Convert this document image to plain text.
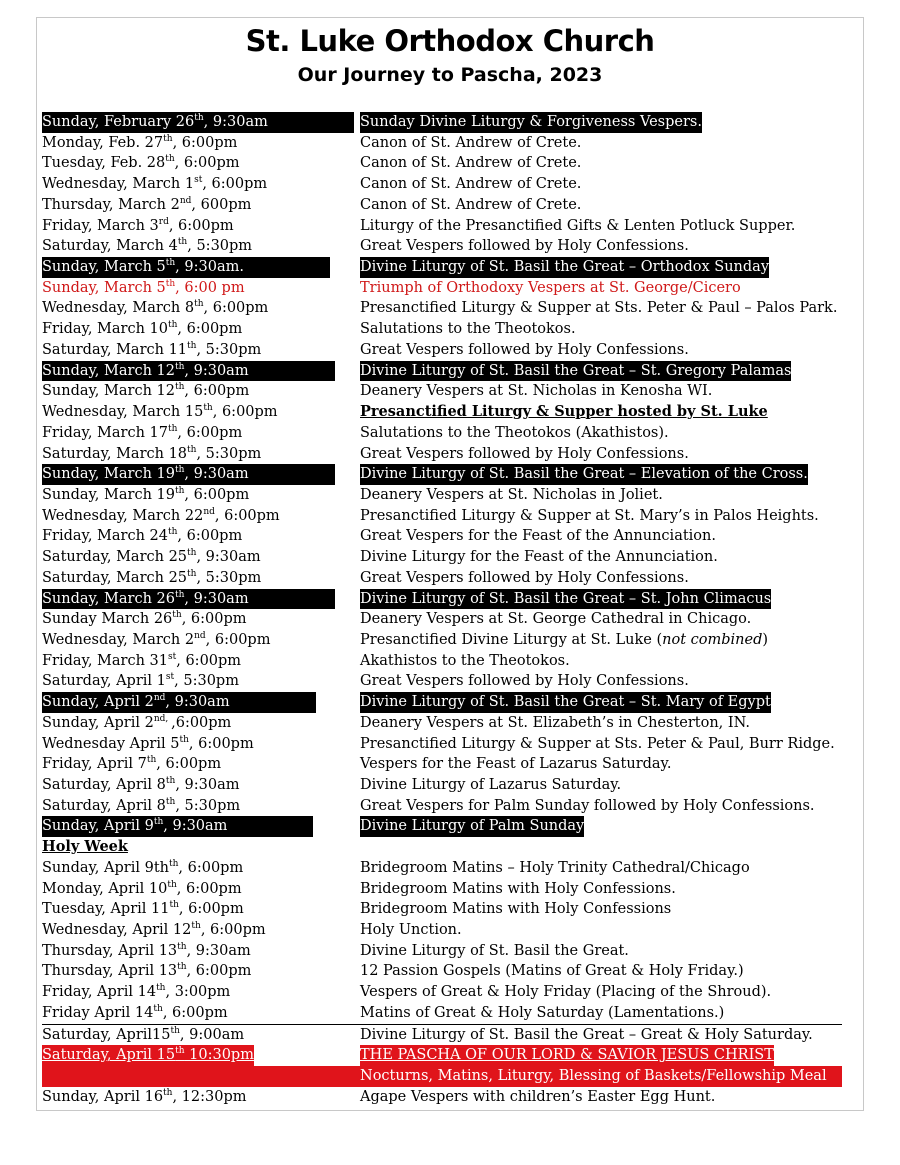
St. Luke Orthodox Church
Our Journey to Pascha, 2023
Sunday, February 26th, 9:30am	Sunday Divine Liturgy & Forgiveness Vespers.
Monday, Feb. 27th, 6:00pm	Canon of St. Andrew of Crete.
Tuesday, Feb. 28th, 6:00pm	Canon of St. Andrew of Crete.
Wednesday, March 1st, 6:00pm	Canon of St. Andrew of Crete.
Thursday, March 2nd, 600pm	Canon of St. Andrew of Crete.
Friday, March 3rd, 6:00pm	Liturgy of the Presanctified Gifts & Lenten Potluck Supper.
Saturday, March 4th, 5:30pm	Great Vespers followed by Holy Confessions.
Sunday, March 5th, 9:30am.	Divine Liturgy of St. Basil the Great – Orthodox Sunday
Sunday, March 5th, 6:00 pm	Triumph of Orthodoxy Vespers at St. George/Cicero
Wednesday, March 8th, 6:00pm	Presanctified Liturgy & Supper at Sts. Peter & Paul – Palos Park.
Friday, March 10th, 6:00pm	Salutations to the Theotokos.
Saturday, March 11th, 5:30pm	Great Vespers followed by Holy Confessions.
Sunday, March 12th, 9:30am	Divine Liturgy of St. Basil the Great – St. Gregory Palamas
Sunday, March 12th, 6:00pm	Deanery Vespers at St. Nicholas in Kenosha WI.
Wednesday, March 15th, 6:00pm	Presanctified Liturgy & Supper hosted by St. Luke
Friday, March 17th, 6:00pm	Salutations to the Theotokos (Akathistos).
Saturday, March 18th, 5:30pm	Great Vespers followed by Holy Confessions.
Sunday, March 19th, 9:30am	Divine Liturgy of St. Basil the Great – Elevation of the Cross.
Sunday, March 19th, 6:00pm	Deanery Vespers at St. Nicholas in Joliet.
Wednesday, March 22nd, 6:00pm	Presanctified Liturgy & Supper at St. Mary’s in Palos Heights.
Friday, March 24th, 6:00pm	Great Vespers for the Feast of the Annunciation.
Saturday, March 25th, 9:30am	Divine Liturgy for the Feast of the Annunciation.
Saturday, March 25th, 5:30pm	Great Vespers followed by Holy Confessions.
Sunday, March 26th, 9:30am	Divine Liturgy of St. Basil the Great – St. John Climacus
Sunday March 26th, 6:00pm	Deanery Vespers at St. George Cathedral in Chicago.
Wednesday, March 2nd, 6:00pm	Presanctified Divine Liturgy at St. Luke (not combined)
Friday, March 31st, 6:00pm	Akathistos to the Theotokos.
Saturday, April 1st, 5:30pm	Great Vespers followed by Holy Confessions.
Sunday, April 2nd, 9:30am	Divine Liturgy of St. Basil the Great – St. Mary of Egypt
Sunday, April $2^{nd,}$ ,6:00pm	Deanery Vespers at St. Elizabeth’s in Chesterton, IN.
Wednesday April 5th, 6:00pm	Presanctified Liturgy & Supper at Sts. Peter & Paul, Burr Ridge.
Friday, April 7th, 6:00pm	Vespers for the Feast of Lazarus Saturday.
Saturday, April 8th, 9:30am	Divine Liturgy of Lazarus Saturday.
Saturday, April 8th, 5:30pm	Great Vespers for Palm Sunday followed by Holy Confessions.
Sunday, April 9th, 9:30am	Divine Liturgy of Palm Sunday
Holy Week
Sunday, April $9th^{th}$, 6:00pm	Bridegroom Matins – Holy Trinity Cathedral/Chicago
Monday, April 10th, 6:00pm	Bridegroom Matins with Holy Confessions.
Tuesday, April 11th, 6:00pm	Bridegroom Matins with Holy Confessions
Wednesday, April 12th, 6:00pm	Holy Unction.
Thursday, April 13th, 9:30am	Divine Liturgy of St. Basil the Great.
Thursday, April 13th, 6:00pm	12 Passion Gospels (Matins of Great & Holy Friday.)
Friday, April 14th, 3:00pm	Vespers of Great & Holy Friday (Placing of the Shroud).
Friday April 14th, 6:00pm	Matins of Great & Holy Saturday (Lamentations.)
Saturday, April15th, 9:00am	Divine Liturgy of St. Basil the Great – Great & Holy Saturday.
Saturday, April 15th 10:30pm	THE PASCHA OF OUR LORD & SAVIOR JESUS CHRIST
Nocturns, Matins, Liturgy, Blessing of Baskets/Fellowship Meal
Sunday, April 16th, 12:30pm	Agape Vespers with children’s Easter Egg Hunt.
